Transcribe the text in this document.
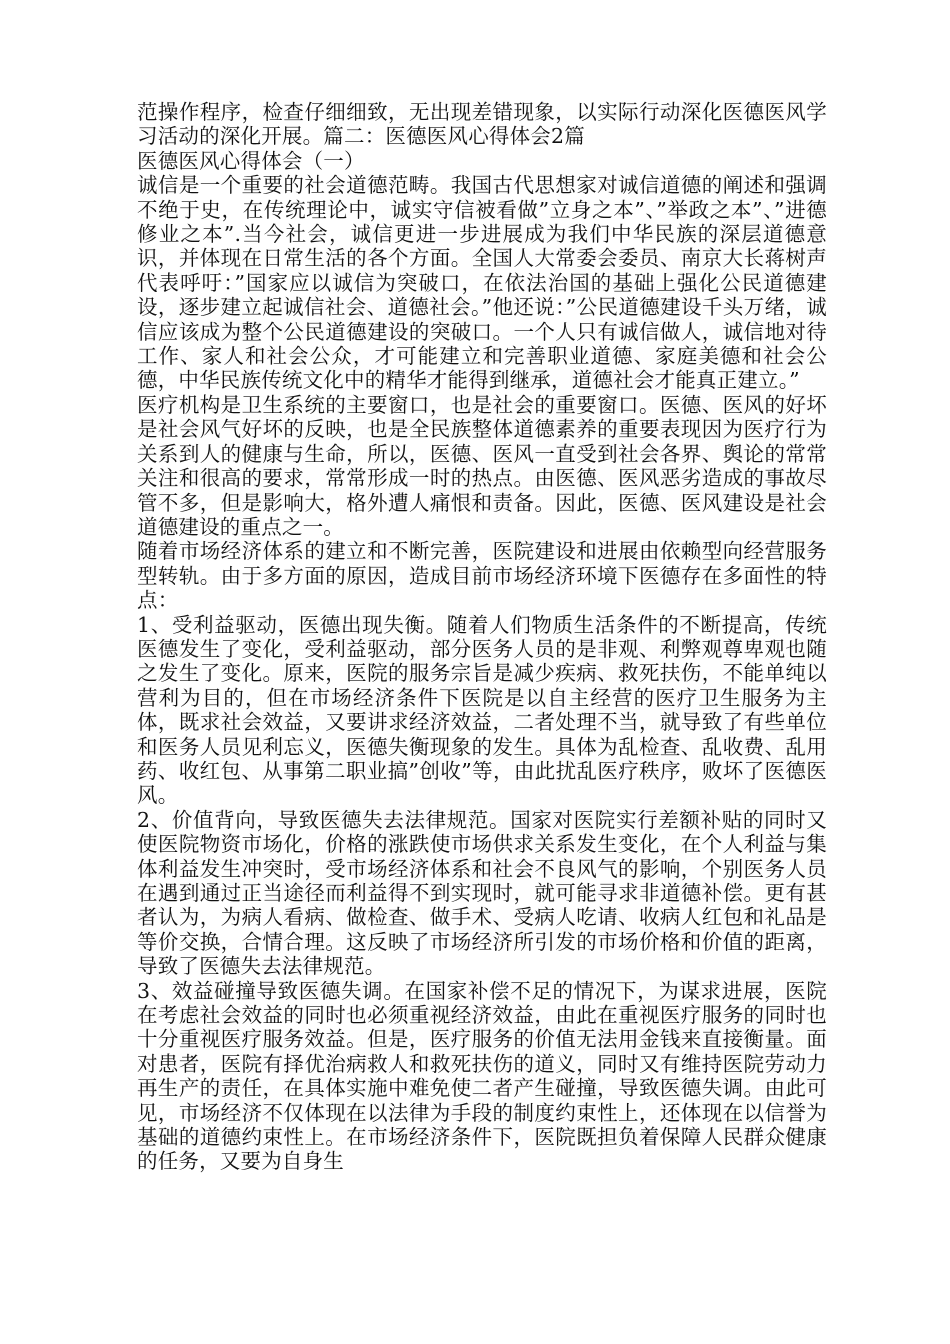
范操作程序，检查仔细细致，无出现差错现象，以实际行动深化医德医风学习活动的深化开展。篇二：医德医风心得体会2篇

医德医风心得体会（一）

诚信是一个重要的社会道德范畴。我国古代思想家对诚信道德的阐述和强调不绝于史，在传统理论中，诚实守信被看做”立身之本”、”举政之本”、”进德修业之本”.当今社会，诚信更进一步进展成为我们中华民族的深层道德意识，并体现在日常生活的各个方面。全国人大常委会委员、南京大长蒋树声代表呼吁：”国家应以诚信为突破口，在依法治国的基础上强化公民道德建设，逐步建立起诚信社会、道德社会。”他还说：”公民道德建设千头万绪，诚信应该成为整个公民道德建设的突破口。一个人只有诚信做人，诚信地对待工作、家人和社会公众，才可能建立和完善职业道德、家庭美德和社会公德，中华民族传统文化中的精华才能得到继承，道德社会才能真正建立。”

医疗机构是卫生系统的主要窗口，也是社会的重要窗口。医德、医风的好坏是社会风气好坏的反映，也是全民族整体道德素养的重要表现因为医疗行为关系到人的健康与生命，所以，医德、医风一直受到社会各界、舆论的常常关注和很高的要求，常常形成一时的热点。由医德、医风恶劣造成的事故尽管不多，但是影响大，格外遭人痛恨和责备。因此，医德、医风建设是社会道德建设的重点之一。

随着市场经济体系的建立和不断完善，医院建设和进展由依赖型向经营服务型转轨。由于多方面的原因，造成目前市场经济环境下医德存在多面性的特点：

1、受利益驱动，医德出现失衡。随着人们物质生活条件的不断提高，传统医德发生了变化，受利益驱动，部分医务人员的是非观、利弊观尊卑观也随之发生了变化。原来，医院的服务宗旨是减少疾病、救死扶伤，不能单纯以营利为目的，但在市场经济条件下医院是以自主经营的医疗卫生服务为主体，既求社会效益，又要讲求经济效益，二者处理不当，就导致了有些单位和医务人员见利忘义，医德失衡现象的发生。具体为乱检查、乱收费、乱用药、收红包、从事第二职业搞”创收”等，由此扰乱医疗秩序，败坏了医德医风。

2、价值背向，导致医德失去法律规范。国家对医院实行差额补贴的同时又使医院物资市场化，价格的涨跌使市场供求关系发生变化，在个人利益与集体利益发生冲突时，受市场经济体系和社会不良风气的影响，个别医务人员在遇到通过正当途径而利益得不到实现时，就可能寻求非道德补偿。更有甚者认为，为病人看病、做检查、做手术、受病人吃请、收病人红包和礼品是等价交换，合情合理。这反映了市场经济所引发的市场价格和价值的距离，导致了医德失去法律规范。

3、效益碰撞导致医德失调。在国家补偿不足的情况下，为谋求进展，医院在考虑社会效益的同时也必须重视经济效益，由此在重视医疗服务的同时也十分重视医疗服务效益。但是，医疗服务的价值无法用金钱来直接衡量。面对患者，医院有择优治病救人和救死扶伤的道义，同时又有维持医院劳动力再生产的责任，在具体实施中难免使二者产生碰撞，导致医德失调。由此可见，市场经济不仅体现在以法律为手段的制度约束性上，还体现在以信誉为基础的道德约束性上。在市场经济条件下，医院既担负着保障人民群众健康的任务，又要为自身生
